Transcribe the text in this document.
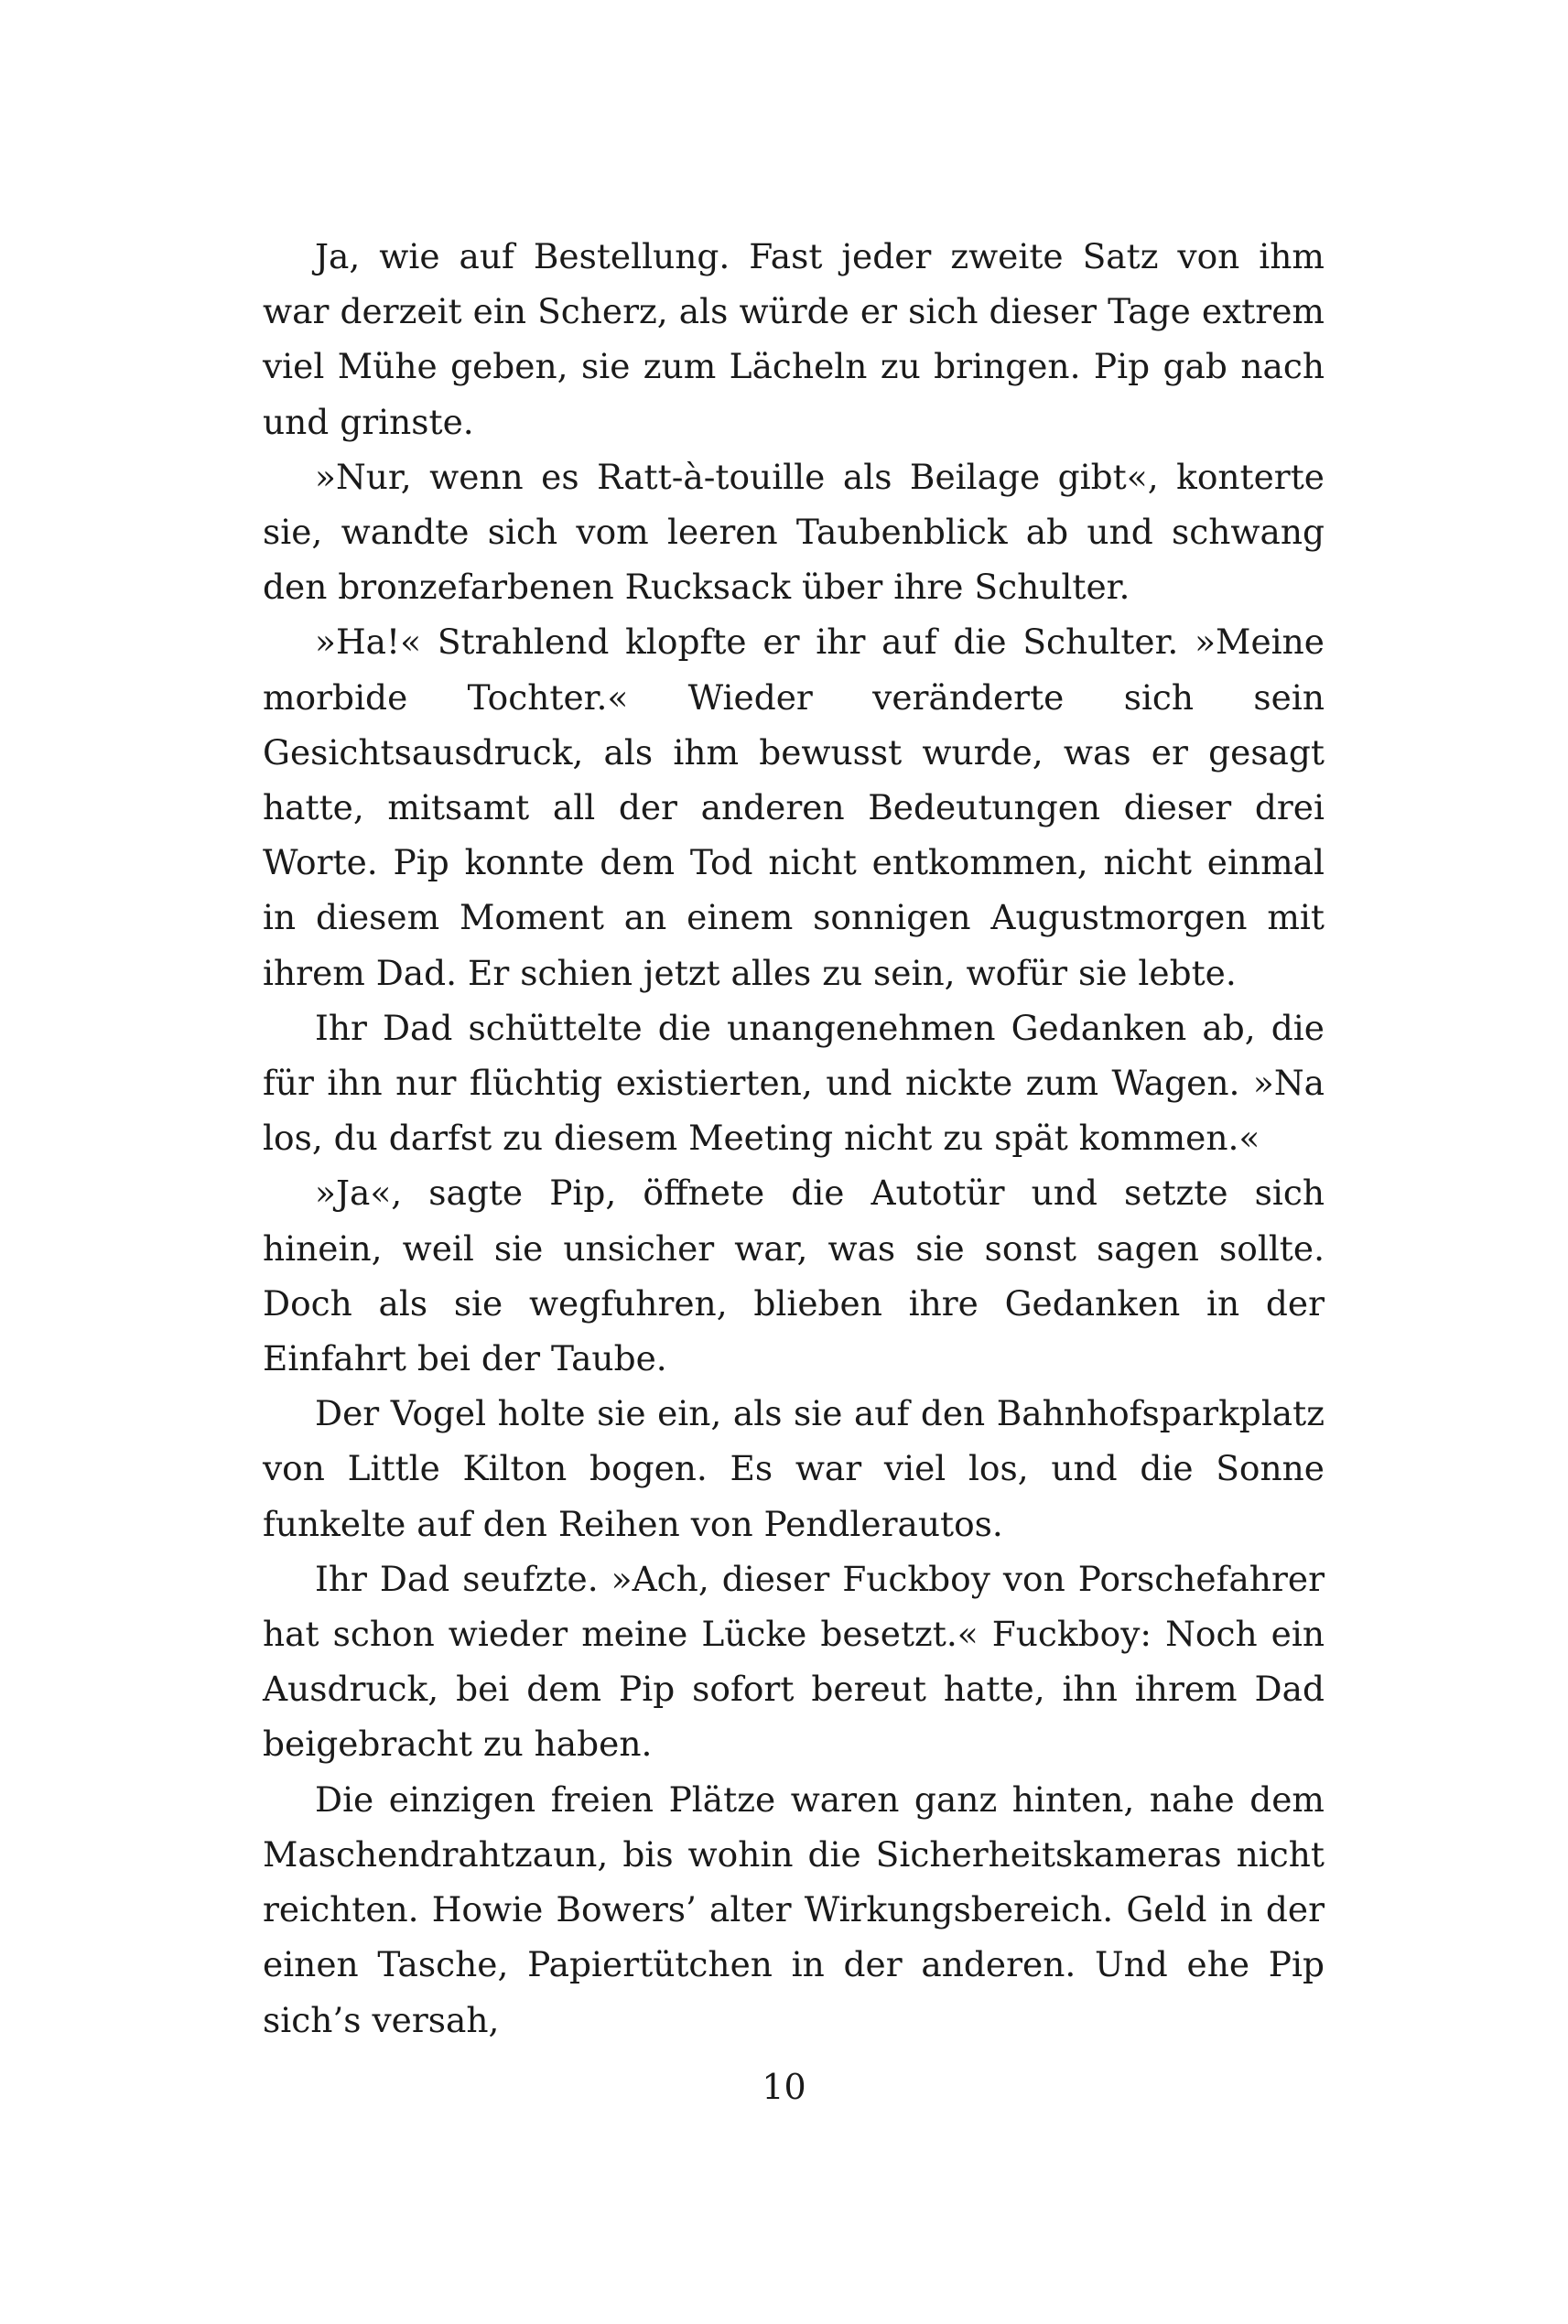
Ja, wie auf Bestellung. Fast jeder zweite Satz von ihm war derzeit ein Scherz, als würde er sich dieser Tage extrem viel Mühe geben, sie zum Lächeln zu bringen. Pip gab nach und grinste.

»Nur, wenn es Ratt-à-touille als Beilage gibt«, konterte sie, wandte sich vom leeren Taubenblick ab und schwang den bronzefarbenen Rucksack über ihre Schulter.

»Ha!« Strahlend klopfte er ihr auf die Schulter. »Meine morbide Tochter.« Wieder veränderte sich sein Gesichtsausdruck, als ihm bewusst wurde, was er gesagt hatte, mitsamt all der anderen Bedeutungen dieser drei Worte. Pip konnte dem Tod nicht entkommen, nicht einmal in diesem Moment an einem sonnigen Augustmorgen mit ihrem Dad. Er schien jetzt alles zu sein, wofür sie lebte.

Ihr Dad schüttelte die unangenehmen Gedanken ab, die für ihn nur flüchtig existierten, und nickte zum Wagen. »Na los, du darfst zu diesem Meeting nicht zu spät kommen.«

»Ja«, sagte Pip, öffnete die Autotür und setzte sich hinein, weil sie unsicher war, was sie sonst sagen sollte. Doch als sie wegfuhren, blieben ihre Gedanken in der Einfahrt bei der Taube.

Der Vogel holte sie ein, als sie auf den Bahnhofsparkplatz von Little Kilton bogen. Es war viel los, und die Sonne funkelte auf den Reihen von Pendlerautos.

Ihr Dad seufzte. »Ach, dieser Fuckboy von Porschefahrer hat schon wieder meine Lücke besetzt.« Fuckboy: Noch ein Ausdruck, bei dem Pip sofort bereut hatte, ihn ihrem Dad beigebracht zu haben.

Die einzigen freien Plätze waren ganz hinten, nahe dem Maschendrahtzaun, bis wohin die Sicherheitskameras nicht reichten. Howie Bowers’ alter Wirkungsbereich. Geld in der einen Tasche, Papiertütchen in der anderen. Und ehe Pip sich’s versah,

10
